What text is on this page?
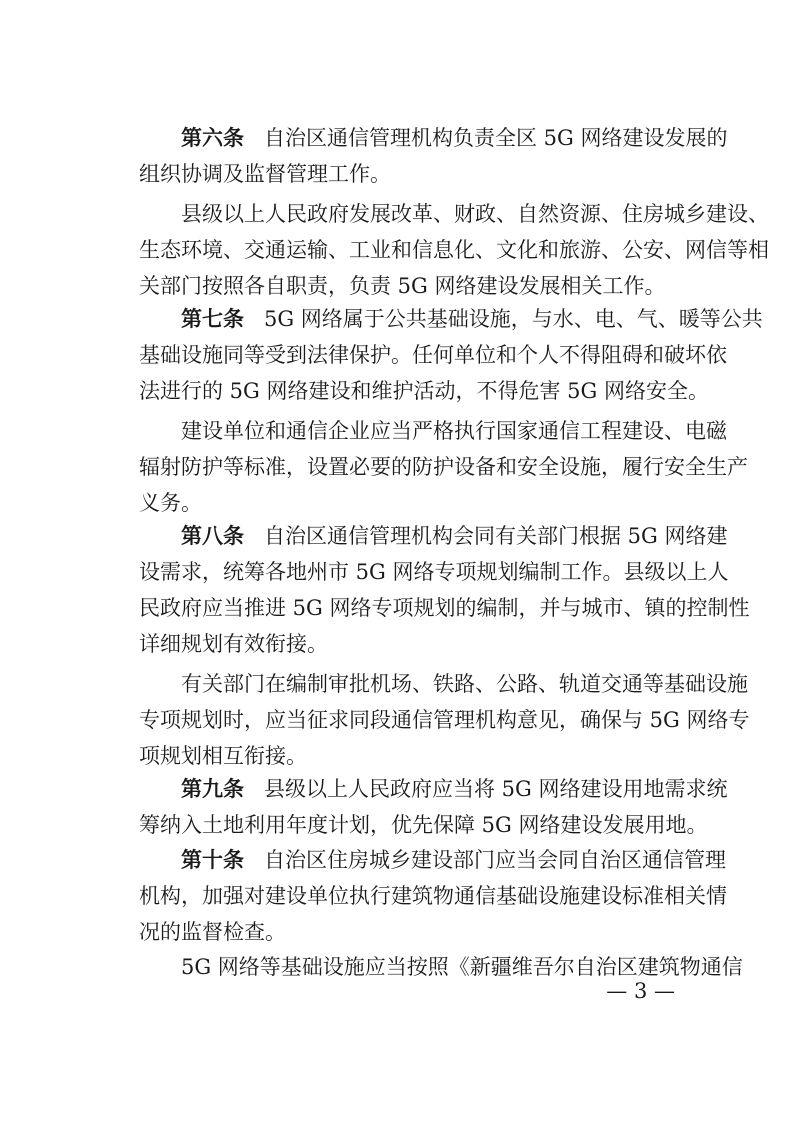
第六条 自治区通信管理机构负责全区 5G 网络建设发展的
组织协调及监督管理工作。
县级以上人民政府发展改革、财政、自然资源、住房城乡建设、
生态环境、交通运输、工业和信息化、文化和旅游、公安、网信等相
关部门按照各自职责，负责 5G 网络建设发展相关工作。
第七条 5G 网络属于公共基础设施，与水、电、气、暖等公共
基础设施同等受到法律保护。任何单位和个人不得阻碍和破坏依
法进行的 5G 网络建设和维护活动，不得危害 5G 网络安全。
建设单位和通信企业应当严格执行国家通信工程建设、电磁
辐射防护等标准，设置必要的防护设备和安全设施，履行安全生产
义务。
第八条 自治区通信管理机构会同有关部门根据 5G 网络建
设需求，统筹各地州市 5G 网络专项规划编制工作。县级以上人
民政府应当推进 5G 网络专项规划的编制，并与城市、镇的控制性
详细规划有效衔接。
有关部门在编制审批机场、铁路、公路、轨道交通等基础设施
专项规划时，应当征求同段通信管理机构意见，确保与 5G 网络专
项规划相互衔接。
第九条 县级以上人民政府应当将 5G 网络建设用地需求统
筹纳入土地利用年度计划，优先保障 5G 网络建设发展用地。
第十条 自治区住房城乡建设部门应当会同自治区通信管理
机构，加强对建设单位执行建筑物通信基础设施建设标准相关情
况的监督检查。
5G 网络等基础设施应当按照《新疆维吾尔自治区建筑物通信
— 3 —
